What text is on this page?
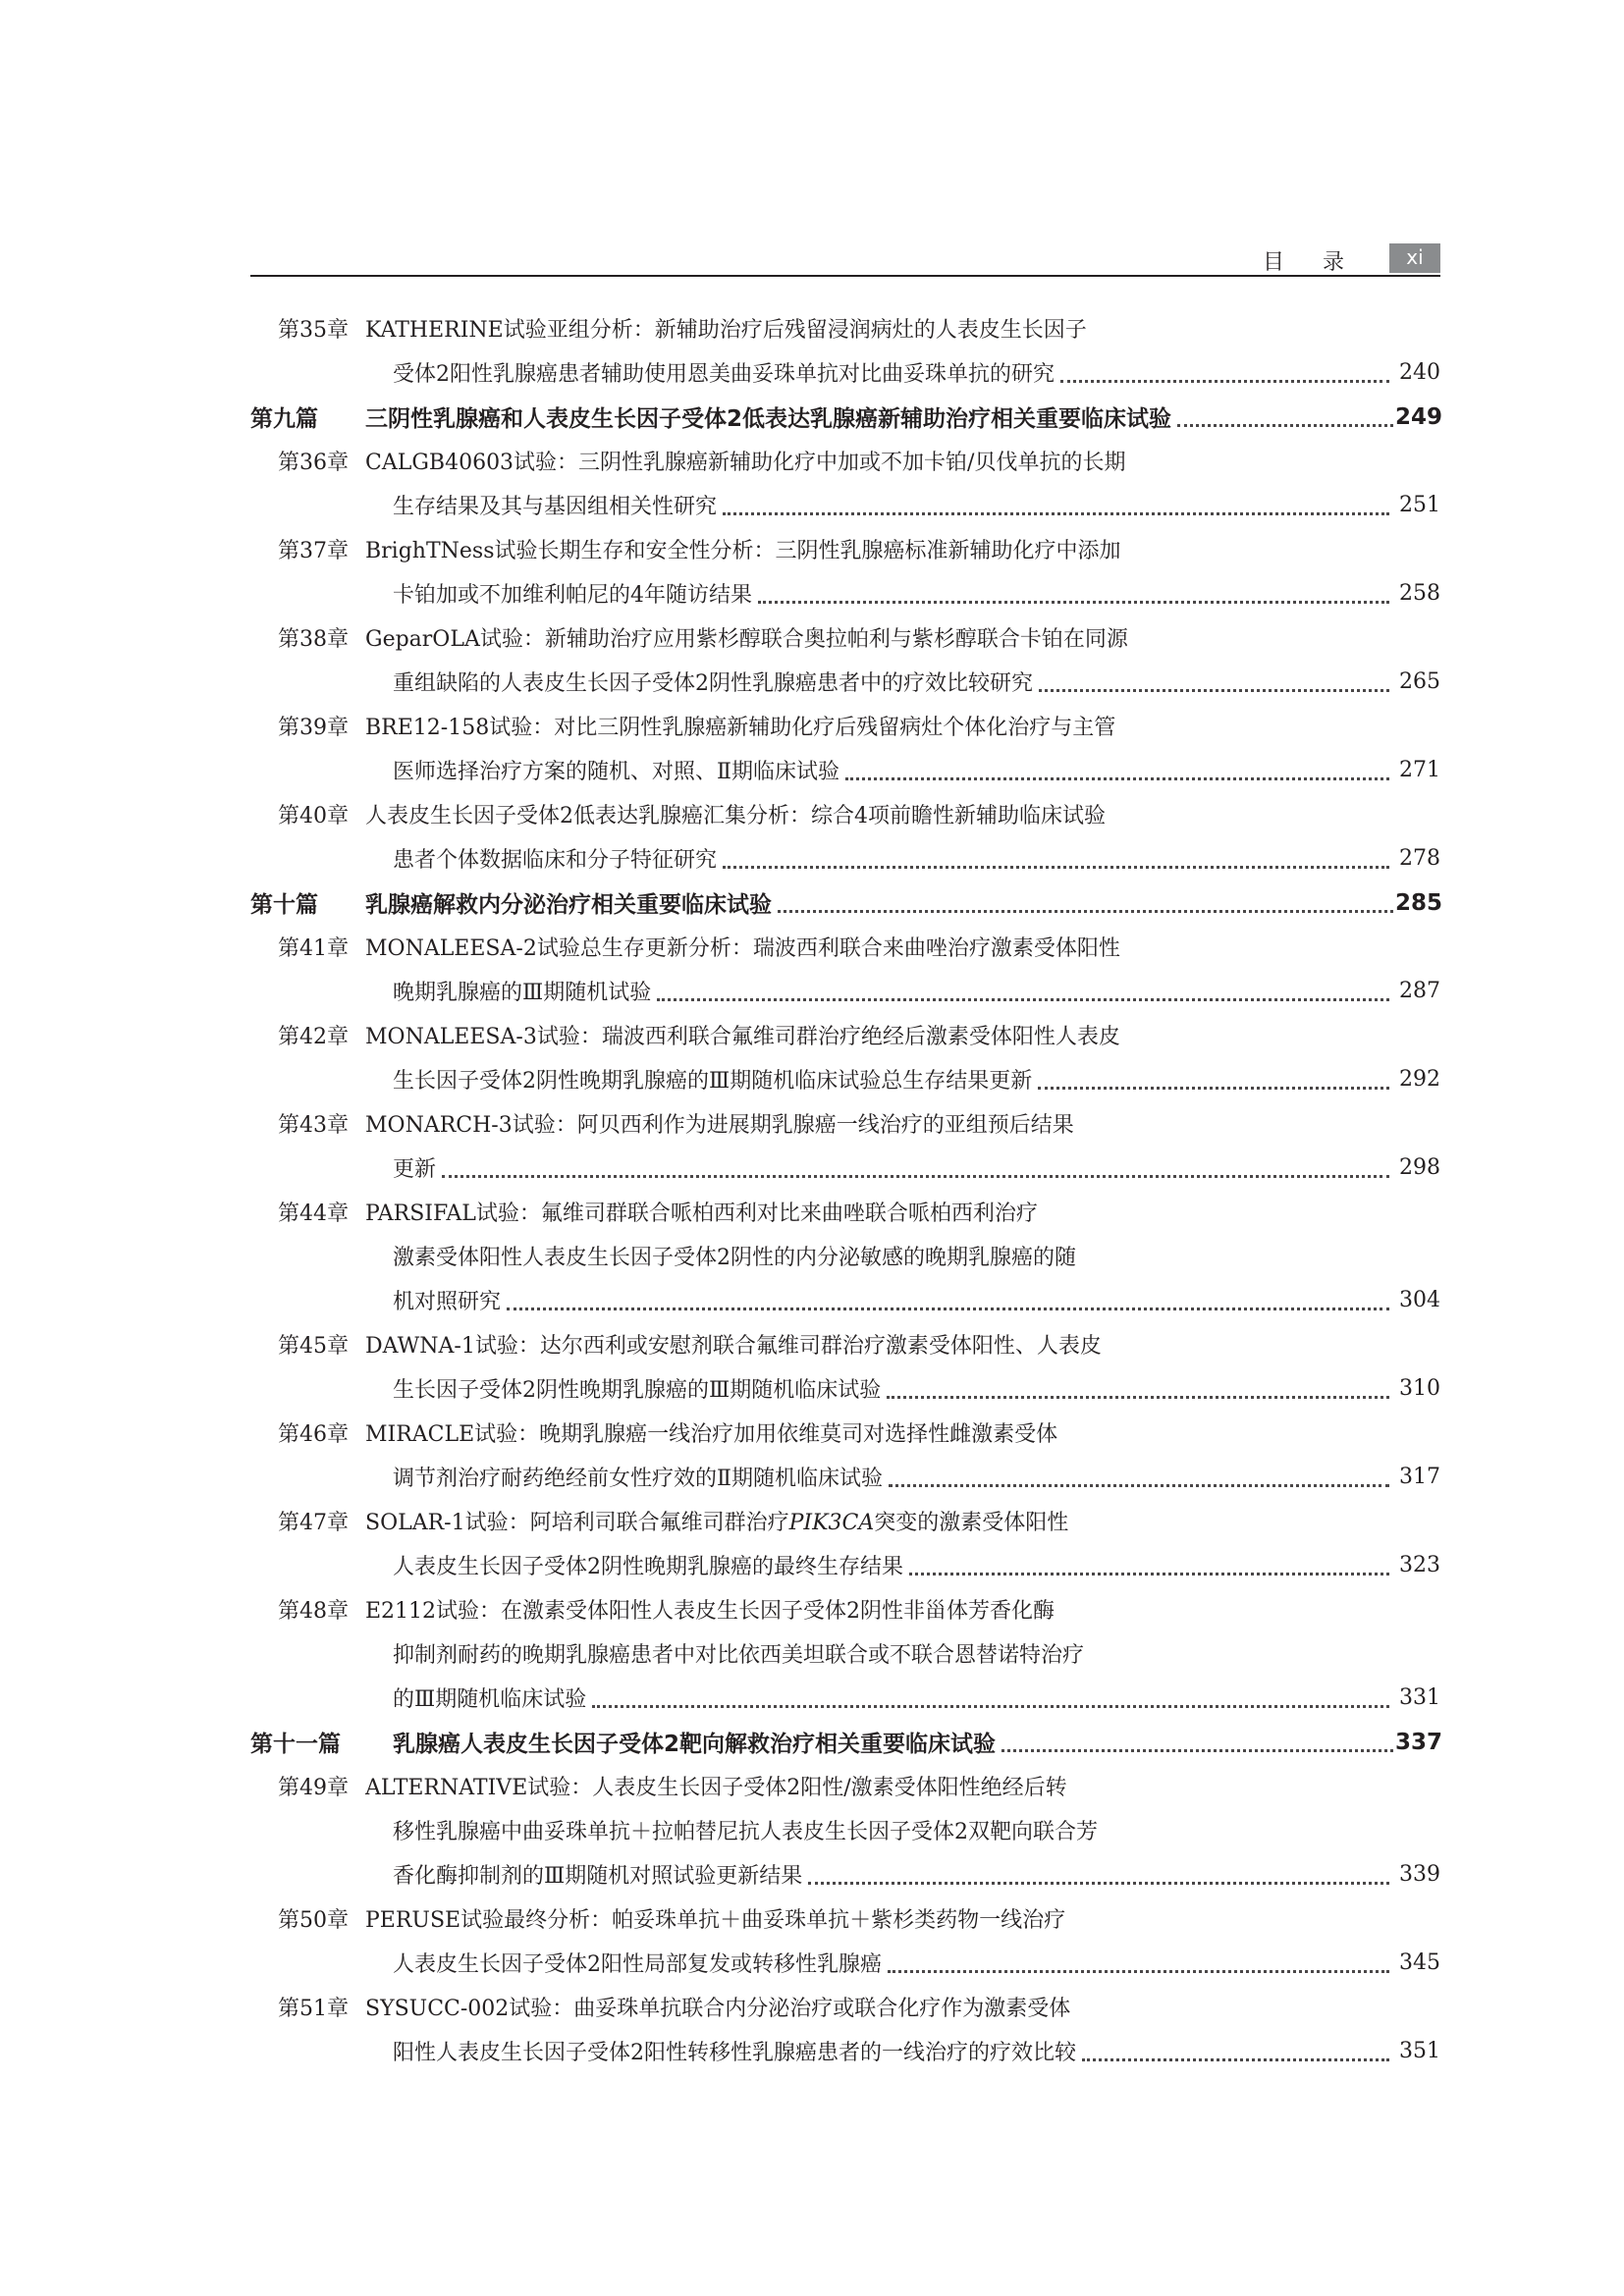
目 录	xi
第35章 KATHERINE试验亚组分析：新辅助治疗后残留浸润病灶的人表皮生长因子
受体2阳性乳腺癌患者辅助使用恩美曲妥珠单抗对比曲妥珠单抗的研究	240
第九篇	三阴性乳腺癌和人表皮生长因子受体2低表达乳腺癌新辅助治疗相关重要临床试验	249
第36章 CALGB40603试验：三阴性乳腺癌新辅助化疗中加或不加卡铂/贝伐单抗的长期
生存结果及其与基因组相关性研究	251
第37章 BrighTNess试验长期生存和安全性分析：三阴性乳腺癌标准新辅助化疗中添加
卡铂加或不加维利帕尼的4年随访结果	258
第38章 GeparOLA试验：新辅助治疗应用紫杉醇联合奥拉帕利与紫杉醇联合卡铂在同源
重组缺陷的人表皮生长因子受体2阴性乳腺癌患者中的疗效比较研究	265
第39章 BRE12-158试验：对比三阴性乳腺癌新辅助化疗后残留病灶个体化治疗与主管
医师选择治疗方案的随机、对照、Ⅱ期临床试验	271
第40章 人表皮生长因子受体2低表达乳腺癌汇集分析：综合4项前瞻性新辅助临床试验
患者个体数据临床和分子特征研究	278
第十篇	乳腺癌解救内分泌治疗相关重要临床试验	285
第41章 MONALEESA-2试验总生存更新分析：瑞波西利联合来曲唑治疗激素受体阳性
晚期乳腺癌的Ⅲ期随机试验	287
第42章 MONALEESA-3试验：瑞波西利联合氟维司群治疗绝经后激素受体阳性人表皮
生长因子受体2阴性晚期乳腺癌的Ⅲ期随机临床试验总生存结果更新	292
第43章 MONARCH-3试验：阿贝西利作为进展期乳腺癌一线治疗的亚组预后结果
更新	298
第44章 PARSIFAL试验：氟维司群联合哌柏西利对比来曲唑联合哌柏西利治疗
激素受体阳性人表皮生长因子受体2阴性的内分泌敏感的晚期乳腺癌的随
机对照研究	304
第45章 DAWNA-1试验：达尔西利或安慰剂联合氟维司群治疗激素受体阳性、人表皮
生长因子受体2阴性晚期乳腺癌的Ⅲ期随机临床试验	310
第46章 MIRACLE试验：晚期乳腺癌一线治疗加用依维莫司对选择性雌激素受体
调节剂治疗耐药绝经前女性疗效的Ⅱ期随机临床试验	317
第47章 SOLAR-1试验：阿培利司联合氟维司群治疗PIK3CA突变的激素受体阳性
人表皮生长因子受体2阴性晚期乳腺癌的最终生存结果	323
第48章 E2112试验：在激素受体阳性人表皮生长因子受体2阴性非甾体芳香化酶
抑制剂耐药的晚期乳腺癌患者中对比依西美坦联合或不联合恩替诺特治疗
的Ⅲ期随机临床试验	331
第十一篇	乳腺癌人表皮生长因子受体2靶向解救治疗相关重要临床试验	337
第49章 ALTERNATIVE试验：人表皮生长因子受体2阳性/激素受体阳性绝经后转
移性乳腺癌中曲妥珠单抗＋拉帕替尼抗人表皮生长因子受体2双靶向联合芳
香化酶抑制剂的Ⅲ期随机对照试验更新结果	339
第50章 PERUSE试验最终分析：帕妥珠单抗＋曲妥珠单抗＋紫杉类药物一线治疗
人表皮生长因子受体2阳性局部复发或转移性乳腺癌	345
第51章 SYSUCC-002试验：曲妥珠单抗联合内分泌治疗或联合化疗作为激素受体
阳性人表皮生长因子受体2阳性转移性乳腺癌患者的一线治疗的疗效比较	351
